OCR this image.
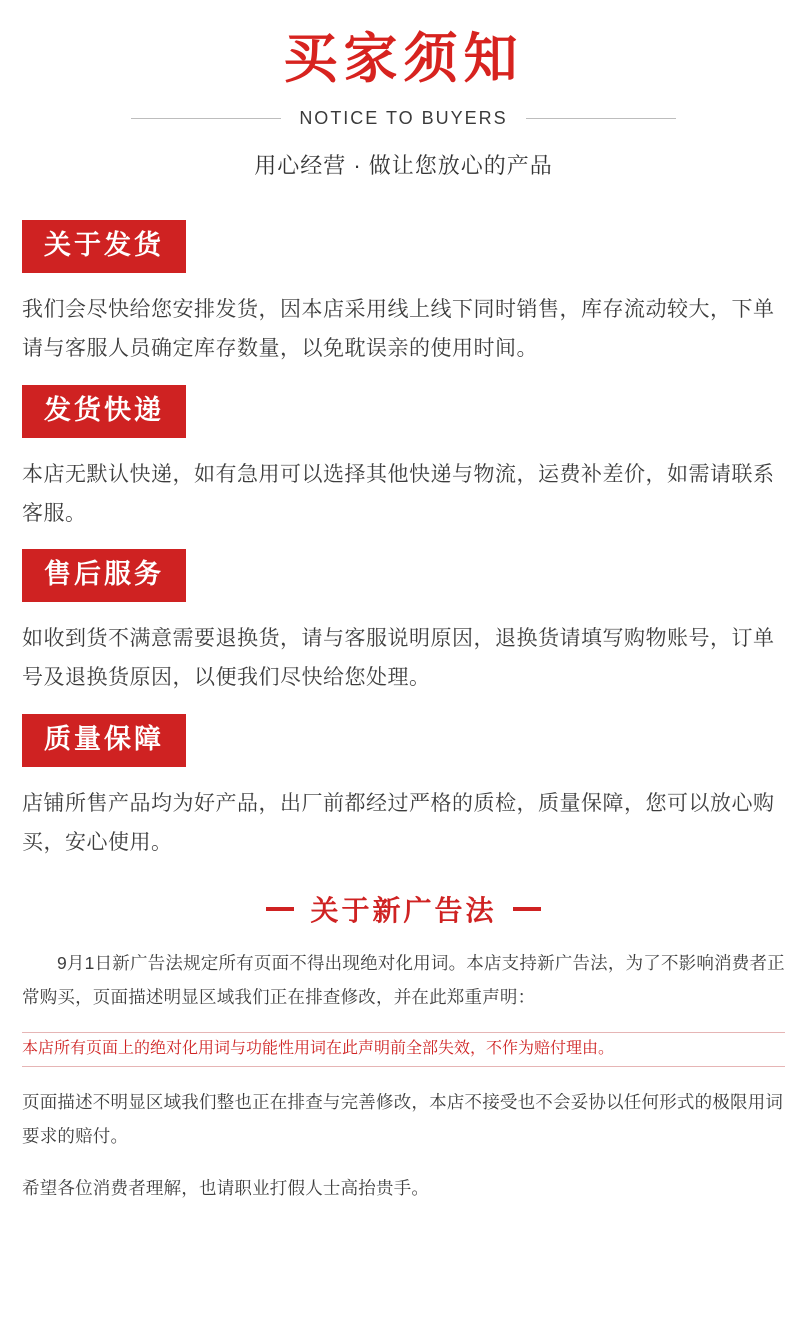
买家须知
NOTICE TO BUYERS
用心经营 · 做让您放心的产品
关于发货
我们会尽快给您安排发货，因本店采用线上线下同时销售，库存流动较大，下单请与客服人员确定库存数量，以免耽误亲的使用时间。
发货快递
本店无默认快递，如有急用可以选择其他快递与物流，运费补差价，如需请联系客服。
售后服务
如收到货不满意需要退换货，请与客服说明原因，退换货请填写购物账号，订单号及退换货原因，以便我们尽快给您处理。
质量保障
店铺所售产品均为好产品，出厂前都经过严格的质检，质量保障，您可以放心购买，安心使用。
关于新广告法

9月1日新广告法规定所有页面不得出现绝对化用词。本店支持新广告法，为了不影响消费者正常购买，页面描述明显区域我们正在排查修改，并在此郑重声明：

本店所有页面上的绝对化用词与功能性用词在此声明前全部失效，不作为赔付理由。

页面描述不明显区域我们整也正在排查与完善修改，本店不接受也不会妥协以任何形式的极限用词要求的赔付。

希望各位消费者理解，也请职业打假人士高抬贵手。
